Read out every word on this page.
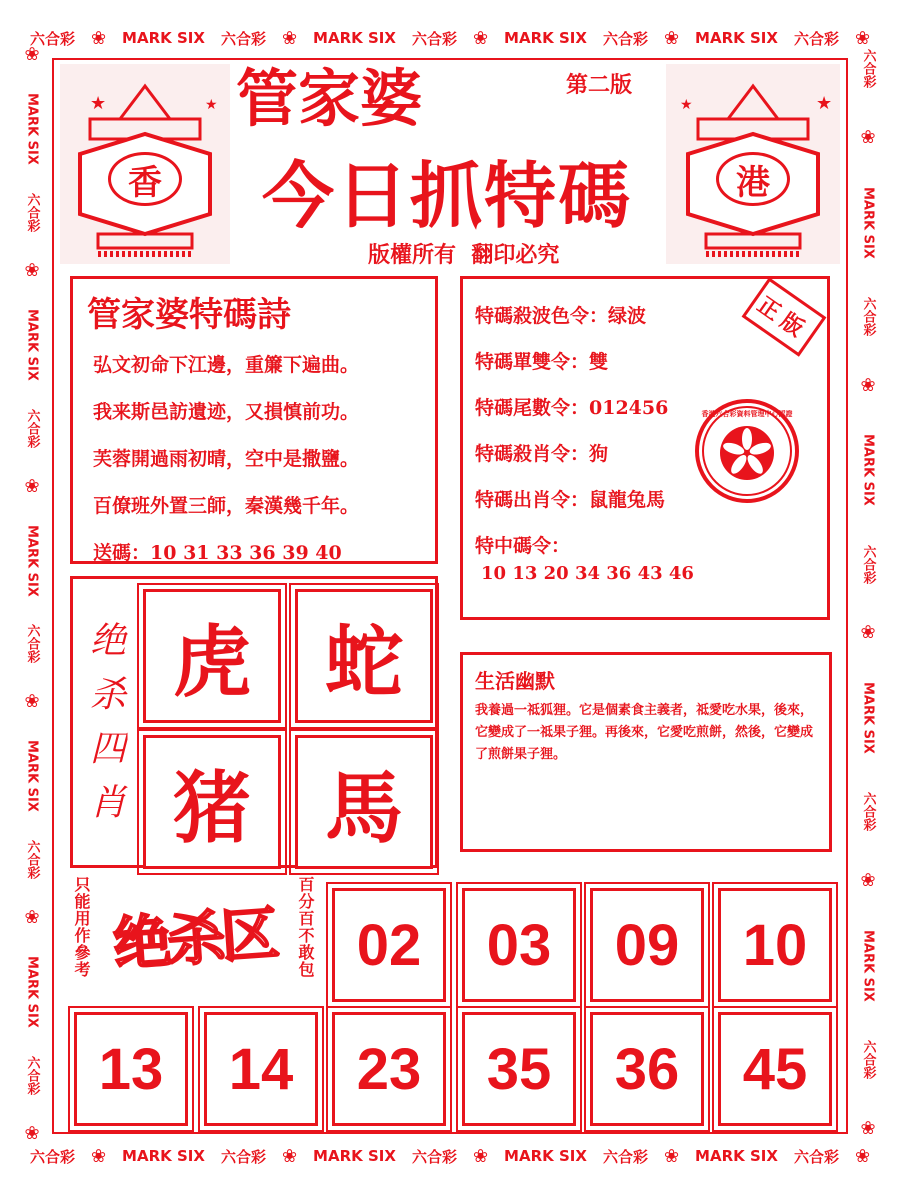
六合彩 ❀ MARK SIX 六合彩 ❀ MARK SIX 六合彩 ❀ MARK SIX 六合彩 ❀ MARK SIX 六合彩 ❀
六合彩 ❀ MARK SIX 六合彩 ❀ MARK SIX 六合彩 ❀ MARK SIX 六合彩 ❀ MARK SIX 六合彩 ❀
❀
MARK SIX
六合彩
❀
MARK SIX
六合彩
❀
MARK SIX
六合彩
❀
MARK SIX
六合彩
❀
MARK SIX
六合彩
❀
六合彩
❀
MARK SIX
六合彩
❀
MARK SIX
六合彩
❀
MARK SIX
六合彩
❀
MARK SIX
六合彩
❀
★	★
香
★	★
港
管家婆	第二版
今日抓特碼
版權所有  翻印必究
管家婆特碼詩
弘文初命下江邊，重簾下遍曲。
我来斯邑訪遺迹，又損慎前功。
芙蓉開過雨初晴，空中是撒鹽。
百僚班外置三師，秦漢幾千年。
送碼：10 31 33 36 39 40
特碼殺波色令：绿波
特碼單雙令：雙
特碼尾數令：012456
特碼殺肖令：狗
特碼出肖令：鼠龍兔馬
特中碼令：
10 13 20 34 36 43 46
正版
香港六合彩資料管理中心認證
绝杀四肖 虎 蛇
猪 馬
生活幽默
我養過一祗狐狸。它是個素食主義者，祗愛吃水果，後來，它變成了一祗果子狸。再後來，它愛吃煎餅，然後，它變成了煎餅果子狸。
只能用作參考 绝杀区	百分百不敢包 02	03	09	10
13	14	23	35	36	45
